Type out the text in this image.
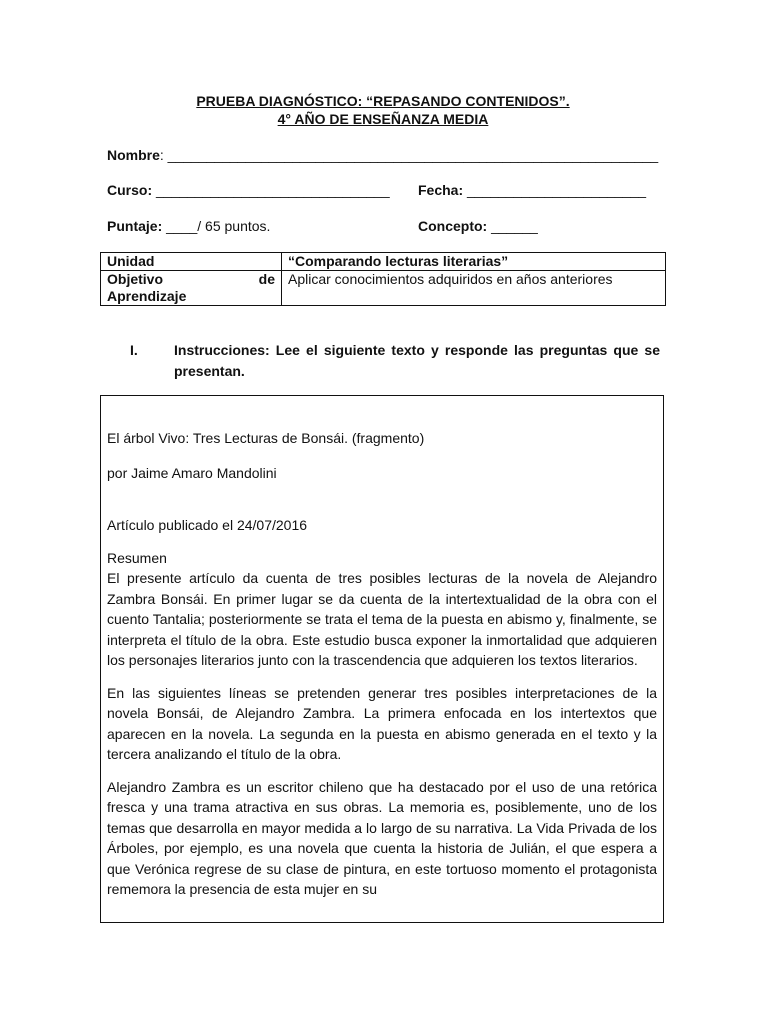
PRUEBA DIAGNÓSTICO: “REPASANDO CONTENIDOS”.
4° AÑO DE ENSEÑANZA MEDIA
Nombre: _______________________________________________________________
Curso: ______________________________ Fecha: _______________________
Puntaje: ____/ 65 puntos.	Concepto: ______
Unidad	“Comparando lecturas literarias”

Objetivo de
Aprendizaje	Aplicar conocimientos adquiridos en años anteriores
I.	Instrucciones: Lee el siguiente texto y responde las preguntas que se presentan.

El árbol Vivo: Tres Lecturas de Bonsái. (fragmento)

por Jaime Amaro Mandolini

Artículo publicado el 24/07/2016

Resumen

El presente artículo da cuenta de tres posibles lecturas de la novela de Alejandro Zambra Bonsái. En primer lugar se da cuenta de la intertextualidad de la obra con el cuento Tantalia; posteriormente se trata el tema de la puesta en abismo y, finalmente, se interpreta el título de la obra. Este estudio busca exponer la inmortalidad que adquieren los personajes literarios junto con la trascendencia que adquieren los textos literarios.

En las siguientes líneas se pretenden generar tres posibles interpretaciones de la novela Bonsái, de Alejandro Zambra. La primera enfocada en los intertextos que aparecen en la novela. La segunda en la puesta en abismo generada en el texto y la tercera analizando el título de la obra.

Alejandro Zambra es un escritor chileno que ha destacado por el uso de una retórica fresca y una trama atractiva en sus obras. La memoria es, posiblemente, uno de los temas que desarrolla en mayor medida a lo largo de su narrativa. La Vida Privada de los Árboles, por ejemplo, es una novela que cuenta la historia de Julián, el que espera a que Verónica regrese de su clase de pintura, en este tortuoso momento el protagonista rememora la presencia de esta mujer en su
